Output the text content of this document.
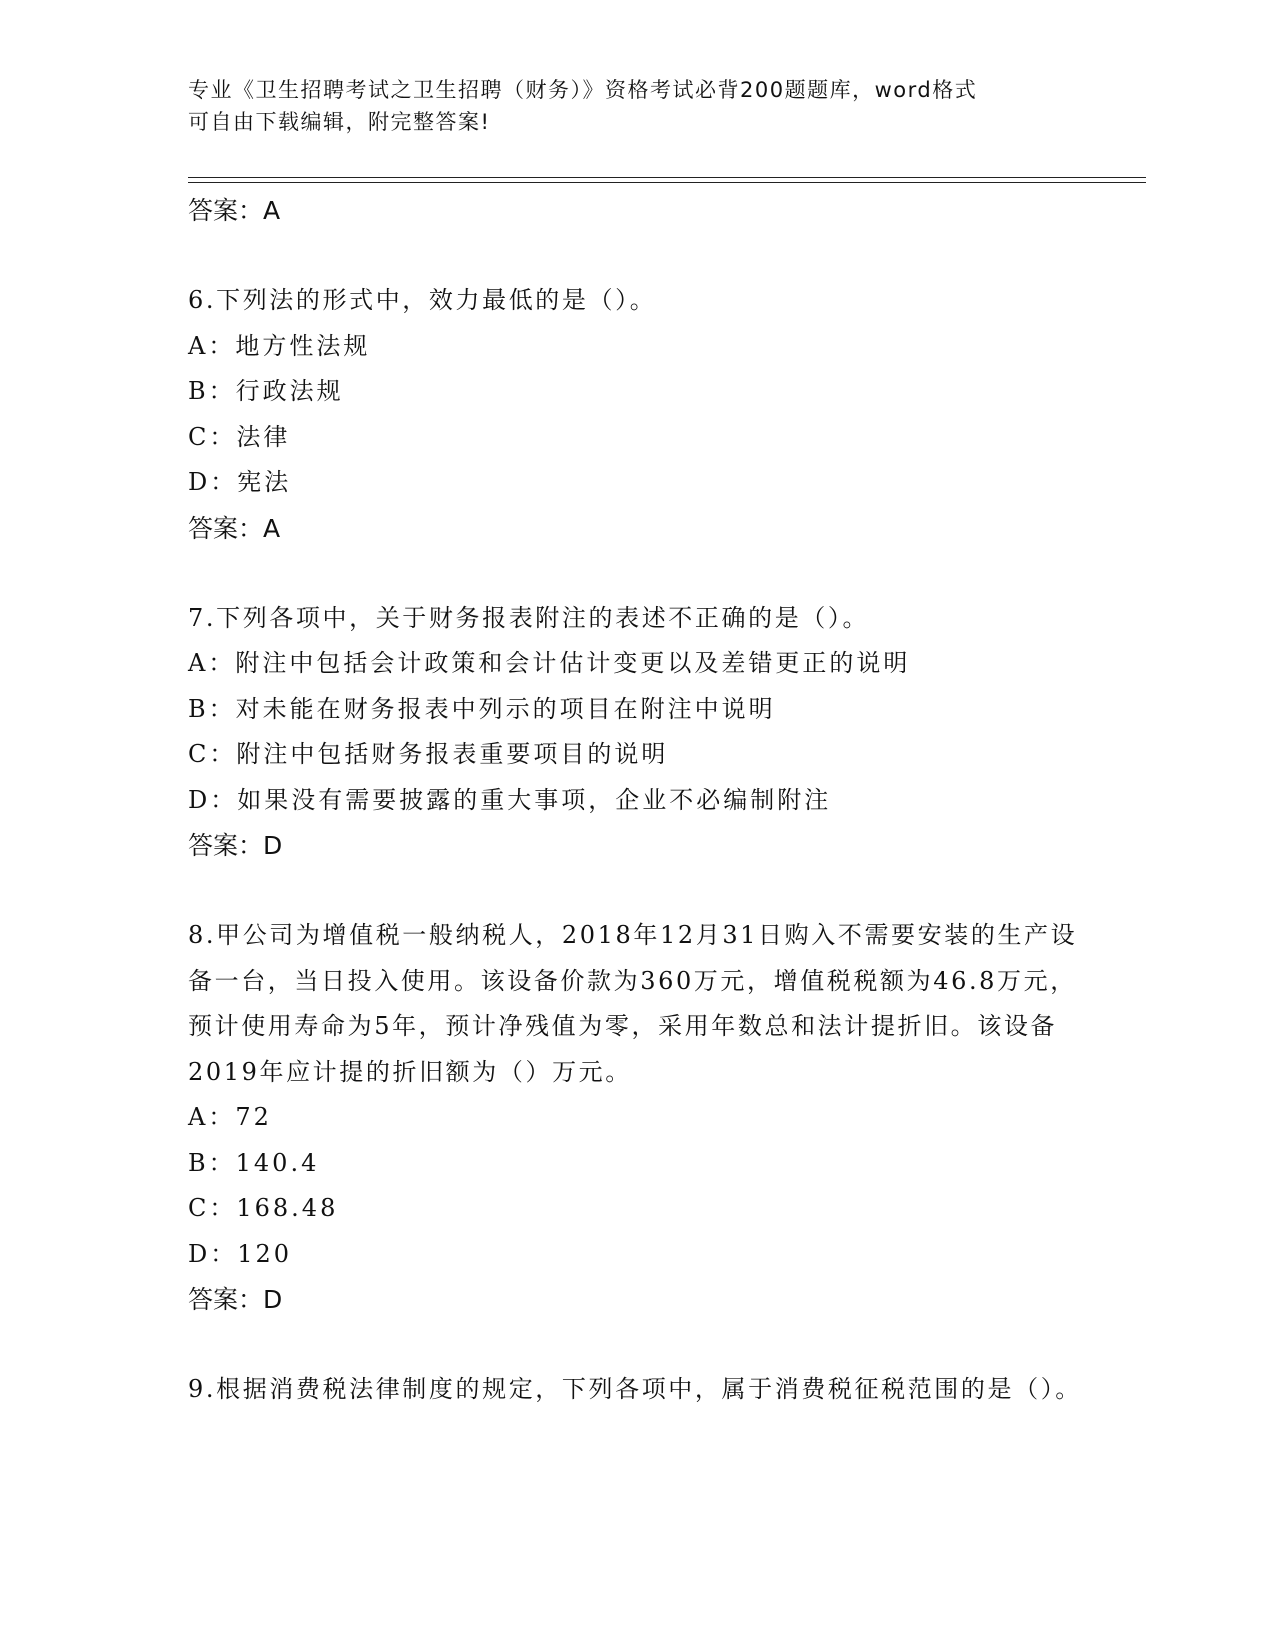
专业《卫生招聘考试之卫生招聘（财务）》资格考试必背200题题库，word格式
可自由下载编辑，附完整答案!
答案：A

6.下列法的形式中，效力最低的是（）。

A：地方性法规
B：行政法规
C：法律
D：宪法
答案：A

7.下列各项中，关于财务报表附注的表述不正确的是（）。

A：附注中包括会计政策和会计估计变更以及差错更正的说明
B：对未能在财务报表中列示的项目在附注中说明
C：附注中包括财务报表重要项目的说明
D：如果没有需要披露的重大事项，企业不必编制附注
答案：D

8.甲公司为增值税一般纳税人，2018年12月31日购入不需要安装的生产设备一台，当日投入使用。该设备价款为360万元，增值税税额为46.8万元，预计使用寿命为5年，预计净残值为零，采用年数总和法计提折旧。该设备2019年应计提的折旧额为（）万元。

A：72
B：140.4
C：168.48
D：120
答案：D

9.根据消费税法律制度的规定，下列各项中，属于消费税征税范围的是（）。
